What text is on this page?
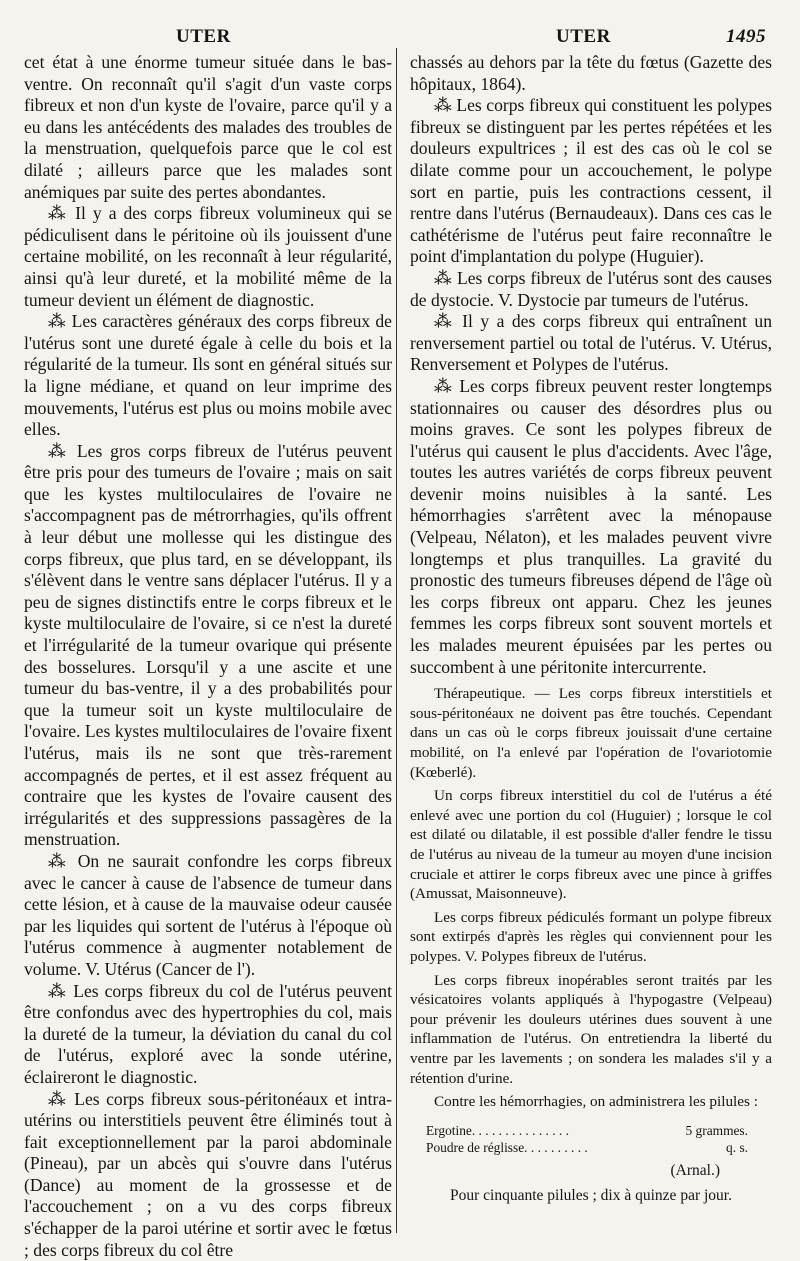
UTER	UTER	1495

cet état à une énorme tumeur située dans le bas-ventre. On reconnaît qu'il s'agit d'un vaste corps fibreux et non d'un kyste de l'ovaire, parce qu'il y a eu dans les antécédents des malades des troubles de la menstruation, quelquefois parce que le col est dilaté ; ailleurs parce que les malades sont anémiques par suite des pertes abondantes.

⁂ Il y a des corps fibreux volumineux qui se pédiculisent dans le péritoine où ils jouissent d'une certaine mobilité, on les reconnaît à leur régularité, ainsi qu'à leur dureté, et la mobilité même de la tumeur devient un élément de diagnostic.

⁂ Les caractères généraux des corps fibreux de l'utérus sont une dureté égale à celle du bois et la régularité de la tumeur. Ils sont en général situés sur la ligne médiane, et quand on leur imprime des mouvements, l'utérus est plus ou moins mobile avec elles.

⁂ Les gros corps fibreux de l'utérus peuvent être pris pour des tumeurs de l'ovaire ; mais on sait que les kystes multiloculaires de l'ovaire ne s'accompagnent pas de métrorrhagies, qu'ils offrent à leur début une mollesse qui les distingue des corps fibreux, que plus tard, en se développant, ils s'élèvent dans le ventre sans déplacer l'utérus. Il y a peu de signes distinctifs entre le corps fibreux et le kyste multiloculaire de l'ovaire, si ce n'est la dureté et l'irrégularité de la tumeur ovarique qui présente des bosselures. Lorsqu'il y a une ascite et une tumeur du bas-ventre, il y a des probabilités pour que la tumeur soit un kyste multiloculaire de l'ovaire. Les kystes multiloculaires de l'ovaire fixent l'utérus, mais ils ne sont que très-rarement accompagnés de pertes, et il est assez fréquent au contraire que les kystes de l'ovaire causent des irrégularités et des suppressions passagères de la menstruation.

⁂ On ne saurait confondre les corps fibreux avec le cancer à cause de l'absence de tumeur dans cette lésion, et à cause de la mauvaise odeur causée par les liquides qui sortent de l'utérus à l'époque où l'utérus commence à augmenter notablement de volume. V. Utérus (Cancer de l').

⁂ Les corps fibreux du col de l'utérus peuvent être confondus avec des hypertrophies du col, mais la dureté de la tumeur, la déviation du canal du col de l'utérus, exploré avec la sonde utérine, éclaireront le diagnostic.

⁂ Les corps fibreux sous-péritonéaux et intra-utérins ou interstitiels peuvent être éliminés tout à fait exceptionnellement par la paroi abdominale (Pineau), par un abcès qui s'ouvre dans l'utérus (Dance) au moment de la grossesse et de l'accouchement ; on a vu des corps fibreux s'échapper de la paroi utérine et sortir avec le fœtus ; des corps fibreux du col être

chassés au dehors par la tête du fœtus (Gazette des hôpitaux, 1864).

⁂ Les corps fibreux qui constituent les polypes fibreux se distinguent par les pertes répétées et les douleurs expultrices ; il est des cas où le col se dilate comme pour un accouchement, le polype sort en partie, puis les contractions cessent, il rentre dans l'utérus (Bernaudeaux). Dans ces cas le cathétérisme de l'utérus peut faire reconnaître le point d'implantation du polype (Huguier).

⁂ Les corps fibreux de l'utérus sont des causes de dystocie. V. Dystocie par tumeurs de l'utérus.

⁂ Il y a des corps fibreux qui entraînent un renversement partiel ou total de l'utérus. V. Utérus, Renversement et Polypes de l'utérus.

⁂ Les corps fibreux peuvent rester longtemps stationnaires ou causer des désordres plus ou moins graves. Ce sont les polypes fibreux de l'utérus qui causent le plus d'accidents. Avec l'âge, toutes les autres variétés de corps fibreux peuvent devenir moins nuisibles à la santé. Les hémorrhagies s'arrêtent avec la ménopause (Velpeau, Nélaton), et les malades peuvent vivre longtemps et plus tranquilles. La gravité du pronostic des tumeurs fibreuses dépend de l'âge où les corps fibreux ont apparu. Chez les jeunes femmes les corps fibreux sont souvent mortels et les malades meurent épuisées par les pertes ou succombent à une péritonite intercurrente.

Thérapeutique. — Les corps fibreux interstitiels et sous-péritonéaux ne doivent pas être touchés. Cependant dans un cas où le corps fibreux jouissait d'une certaine mobilité, on l'a enlevé par l'opération de l'ovariotomie (Kœberlé).

Un corps fibreux interstitiel du col de l'utérus a été enlevé avec une portion du col (Huguier) ; lorsque le col est dilaté ou dilatable, il est possible d'aller fendre le tissu de l'utérus au niveau de la tumeur au moyen d'une incision cruciale et attirer le corps fibreux avec une pince à griffes (Amussat, Maisonneuve).

Les corps fibreux pédiculés formant un polype fibreux sont extirpés d'après les règles qui conviennent pour les polypes. V. Polypes fibreux de l'utérus.

Les corps fibreux inopérables seront traités par les vésicatoires volants appliqués à l'hypogastre (Velpeau) pour prévenir les douleurs utérines dues souvent à une inflammation de l'utérus. On entretiendra la liberté du ventre par les lavements ; on sondera les malades s'il y a rétention d'urine.

Contre les hémorrhagies, on administrera les pilules :

Ergotine. . . . . . . . . . . . . . .	5 grammes.
Poudre de réglisse. . . . . . . . . .	q. s.
(Arnal.)
Pour cinquante pilules ; dix à quinze par jour.
